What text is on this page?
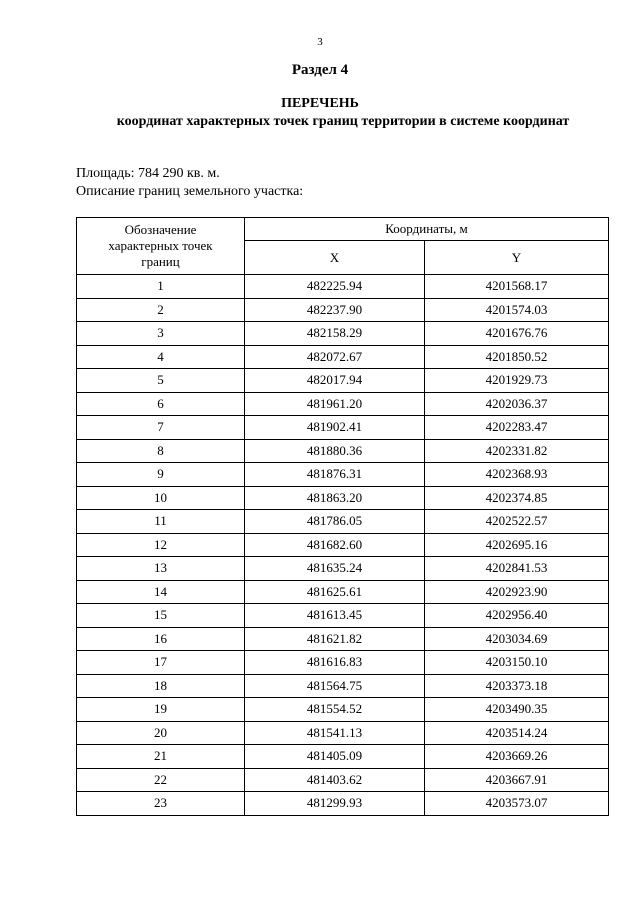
3
Раздел 4
ПЕРЕЧЕНЬ
координат характерных точек границ территории в системе координат
Площадь: 784 290 кв. м.
Описание границ земельного участка:
Обозначение
характерных точек
границ	Координаты, м	
	X	Y
1	482225.94	4201568.17
2	482237.90	4201574.03
3	482158.29	4201676.76
4	482072.67	4201850.52
5	482017.94	4201929.73
6	481961.20	4202036.37
7	481902.41	4202283.47
8	481880.36	4202331.82
9	481876.31	4202368.93
10	481863.20	4202374.85
11	481786.05	4202522.57
12	481682.60	4202695.16
13	481635.24	4202841.53
14	481625.61	4202923.90
15	481613.45	4202956.40
16	481621.82	4203034.69
17	481616.83	4203150.10
18	481564.75	4203373.18
19	481554.52	4203490.35
20	481541.13	4203514.24
21	481405.09	4203669.26
22	481403.62	4203667.91
23	481299.93	4203573.07
